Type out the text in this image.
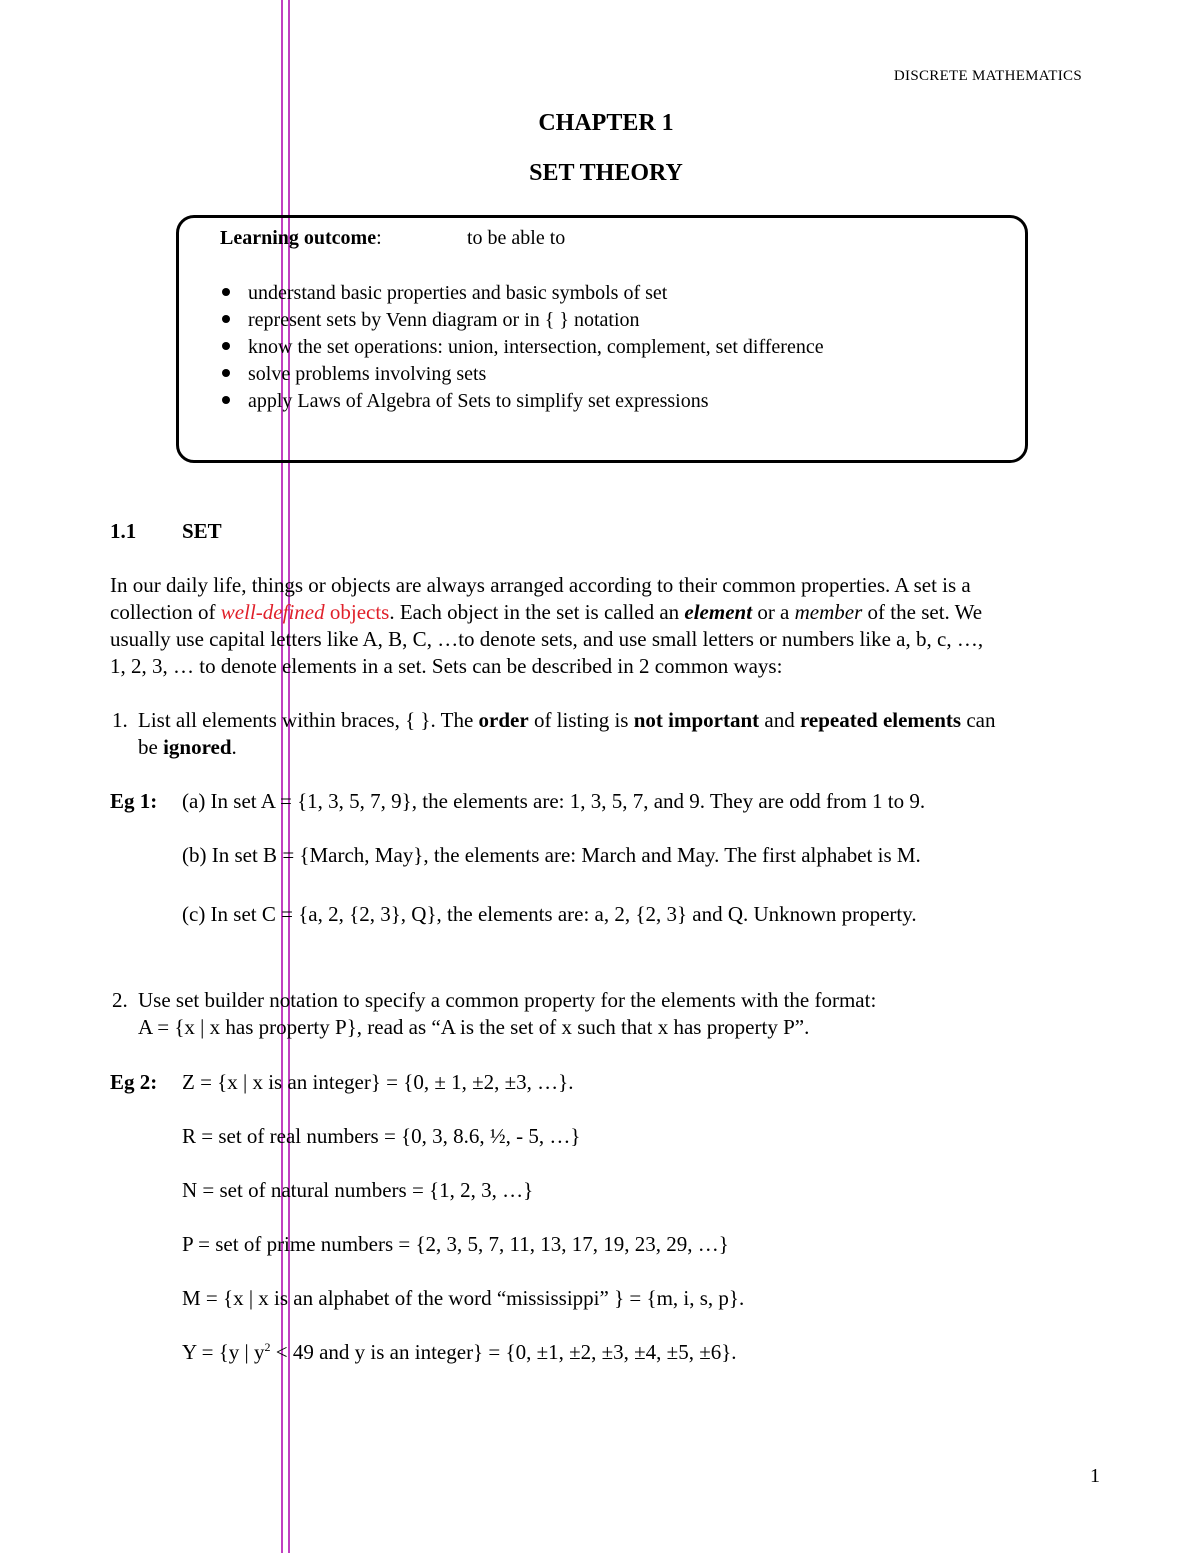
DISCRETE MATHEMATICS
CHAPTER 1
SET THEORY
Learning outcome:	to be able to
understand basic properties and basic symbols of set
represent sets by Venn diagram or in { } notation
know the set operations: union, intersection, complement, set difference
solve problems involving sets
apply Laws of Algebra of Sets to simplify set expressions
1.1 SET
In our daily life, things or objects are always arranged according to their common properties. A set is a
collection of well-defined objects. Each object in the set is called an element or a member of the set. We
usually use capital letters like A, B, C, …to denote sets, and use small letters or numbers like a, b, c, …,
1, 2, 3, … to denote elements in a set. Sets can be described in 2 common ways:
1. List all elements within braces, { }. The order of listing is not important and repeated elements can
be ignored.
Eg 1: (a) In set A = {1, 3, 5, 7, 9}, the elements are: 1, 3, 5, 7, and 9. They are odd from 1 to 9.
(b) In set B = {March, May}, the elements are: March and May. The first alphabet is M.
(c) In set C = {a, 2, {2, 3}, Q}, the elements are: a, 2, {2, 3} and Q. Unknown property.
2. Use set builder notation to specify a common property for the elements with the format:
A = {x | x has property P}, read as “A is the set of x such that x has property P”.
Eg 2: Z = {x | x is an integer} = {0, ± 1, ±2, ±3, …}.
R = set of real numbers = {0, 3, 8.6, ½, - 5, …}
N = set of natural numbers = {1, 2, 3, …}
P = set of prime numbers = {2, 3, 5, 7, 11, 13, 17, 19, 23, 29, …}
M = {x | x is an alphabet of the word “mississippi” } = {m, i, s, p}.
Y = {y | $y^2 < 49$ and y is an integer} = {0, ±1, ±2, ±3, ±4, ±5, ±6}.
1
